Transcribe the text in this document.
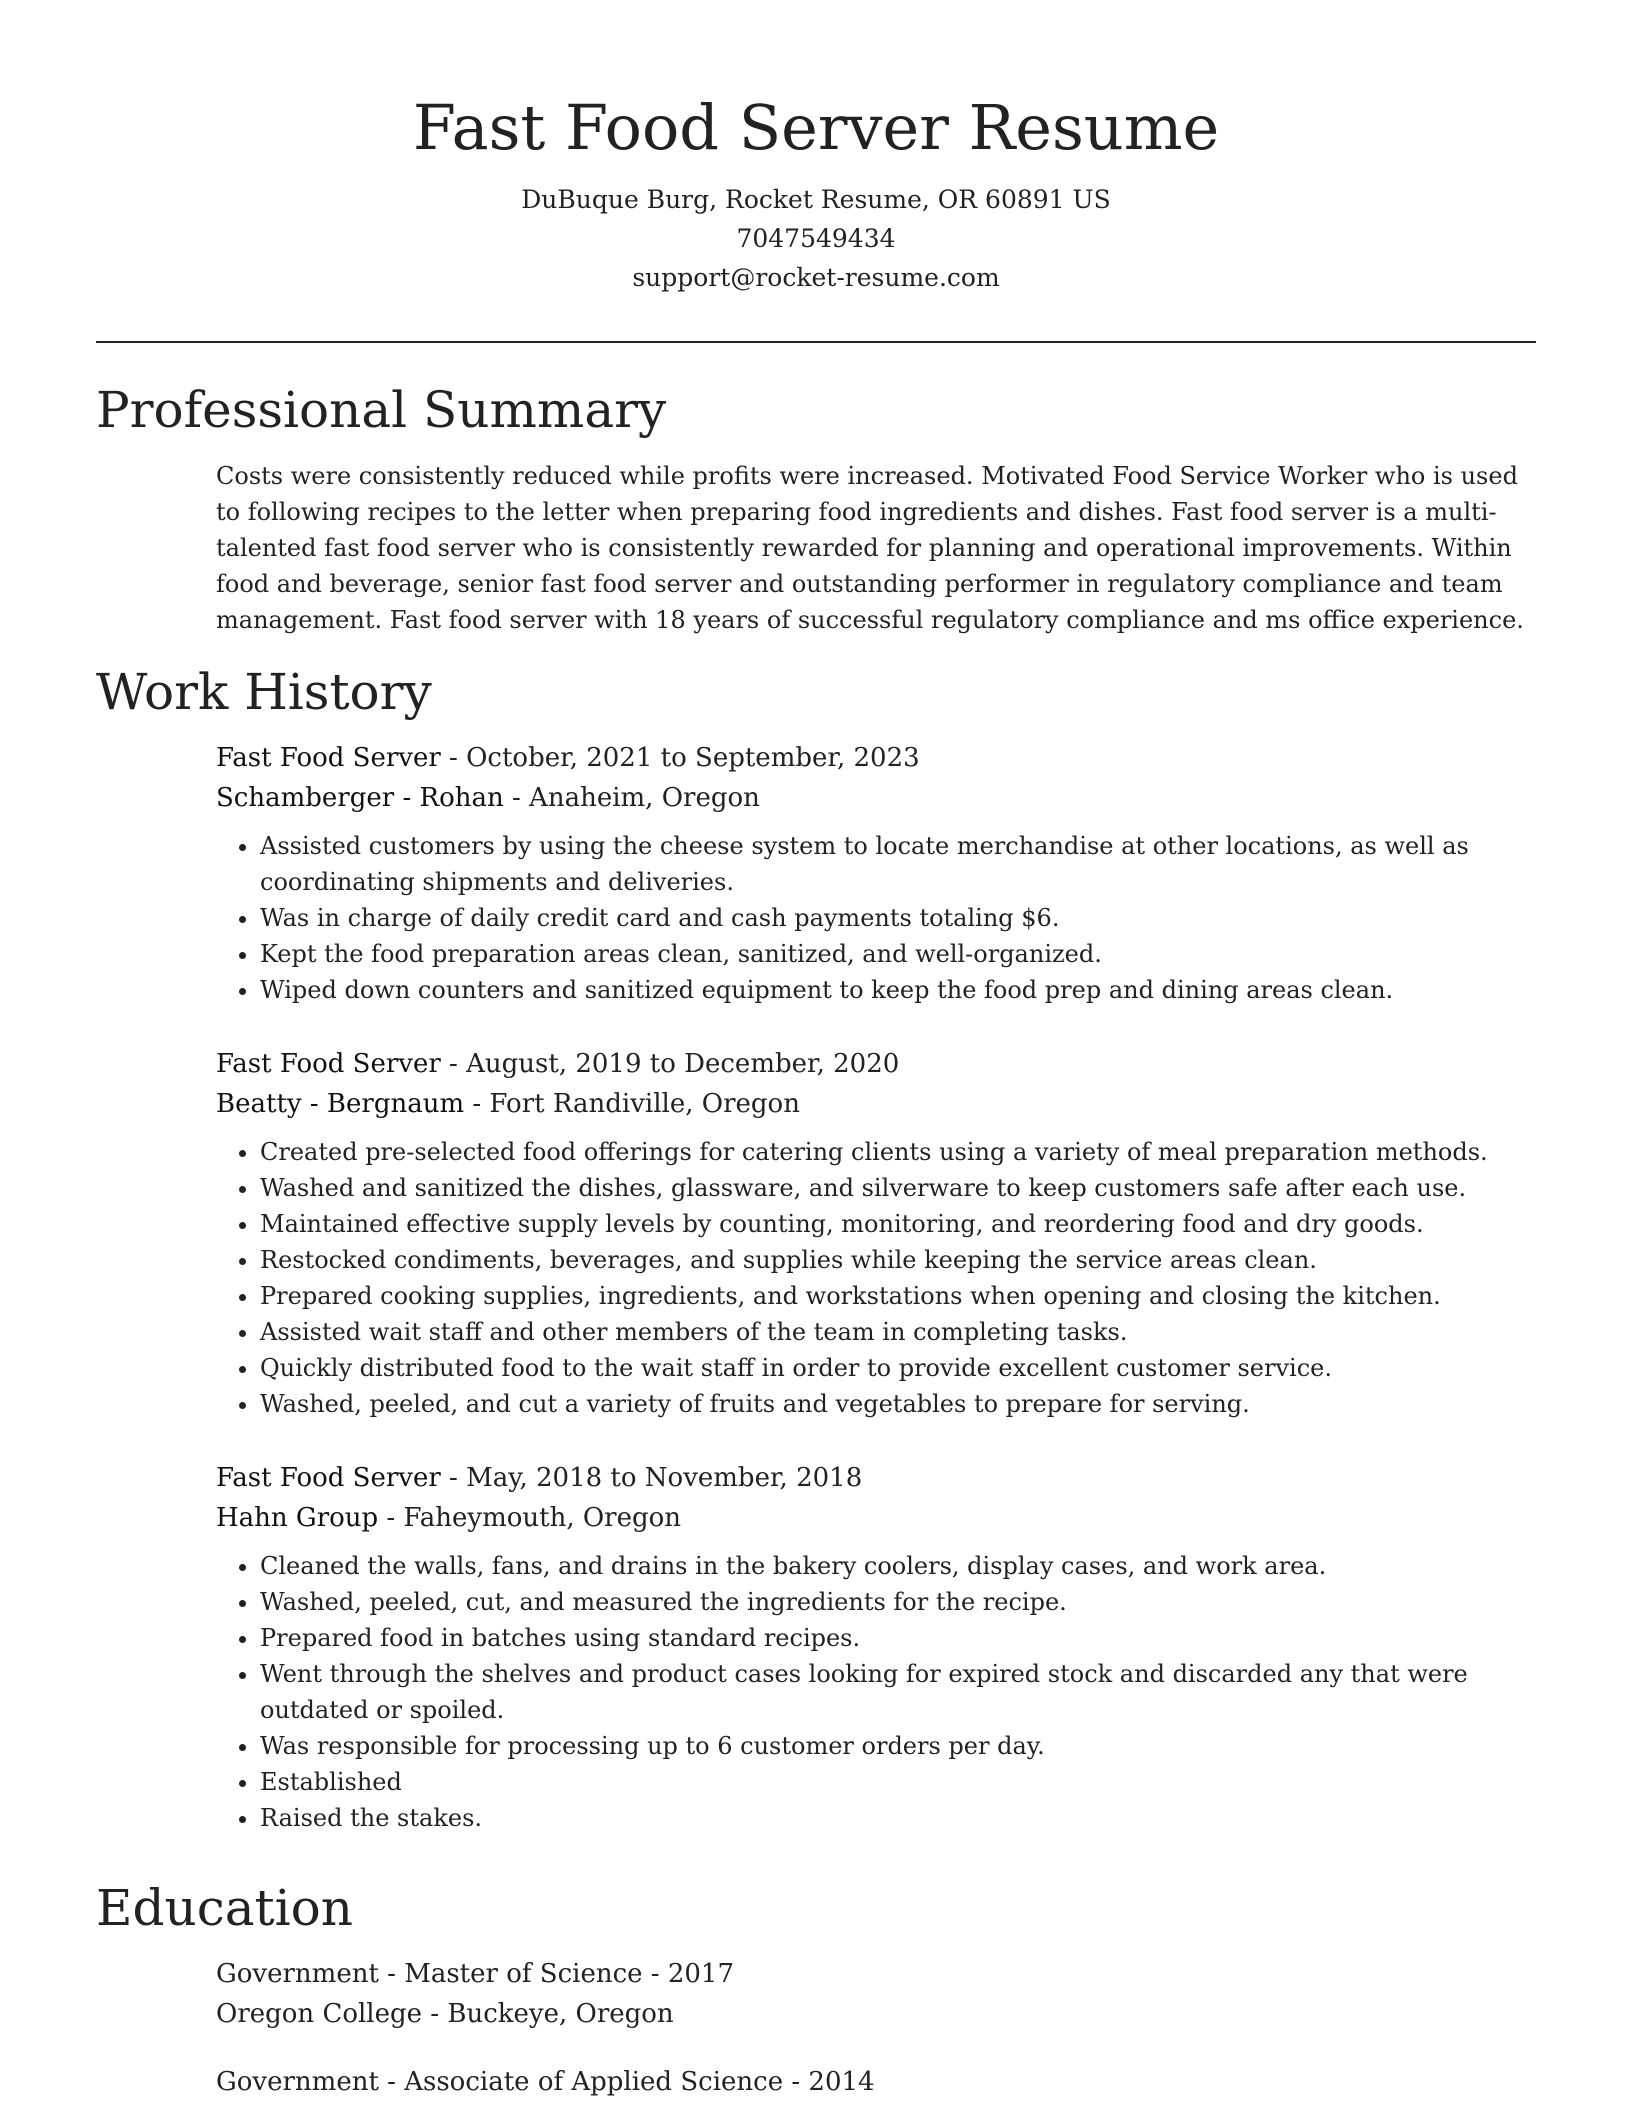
Fast Food Server Resume

DuBuque Burg, Rocket Resume, OR 60891 US

7047549434

support@rocket-resume.com

Professional Summary

Costs were consistently reduced while profits were increased. Motivated Food Service Worker who is used to following recipes to the letter when preparing food ingredients and dishes. Fast food server is a multi-talented fast food server who is consistently rewarded for planning and operational improvements. Within food and beverage, senior fast food server and outstanding performer in regulatory compliance and team management. Fast food server with 18 years of successful regulatory compliance and ms office experience.

Work History

Fast Food Server - October, 2021 to September, 2023

Schamberger - Rohan - Anaheim, Oregon

• Assisted customers by using the cheese system to locate merchandise at other locations, as well as coordinating shipments and deliveries.
• Was in charge of daily credit card and cash payments totaling $6.
• Kept the food preparation areas clean, sanitized, and well-organized.
• Wiped down counters and sanitized equipment to keep the food prep and dining areas clean.

Fast Food Server - August, 2019 to December, 2020

Beatty - Bergnaum - Fort Randiville, Oregon

• Created pre-selected food offerings for catering clients using a variety of meal preparation methods.
• Washed and sanitized the dishes, glassware, and silverware to keep customers safe after each use.
• Maintained effective supply levels by counting, monitoring, and reordering food and dry goods.
• Restocked condiments, beverages, and supplies while keeping the service areas clean.
• Prepared cooking supplies, ingredients, and workstations when opening and closing the kitchen.
• Assisted wait staff and other members of the team in completing tasks.
• Quickly distributed food to the wait staff in order to provide excellent customer service.
• Washed, peeled, and cut a variety of fruits and vegetables to prepare for serving.

Fast Food Server - May, 2018 to November, 2018

Hahn Group - Faheymouth, Oregon

• Cleaned the walls, fans, and drains in the bakery coolers, display cases, and work area.
• Washed, peeled, cut, and measured the ingredients for the recipe.
• Prepared food in batches using standard recipes.
• Went through the shelves and product cases looking for expired stock and discarded any that were outdated or spoiled.
• Was responsible for processing up to 6 customer orders per day.
• Established
• Raised the stakes.
Education

Government - Master of Science - 2017

Oregon College - Buckeye, Oregon

Government - Associate of Applied Science - 2014
